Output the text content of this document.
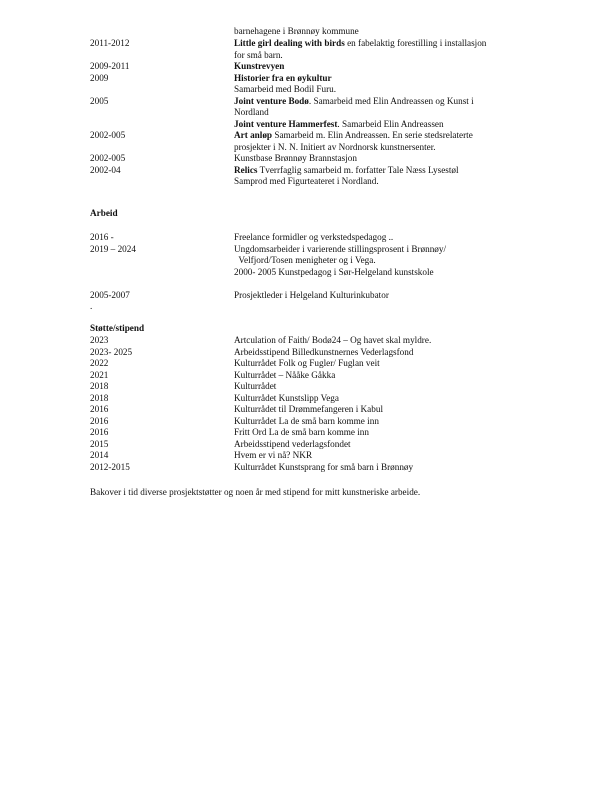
barnehagene i Brønnøy kommune
2011-2012	Little girl dealing with birds en fabelaktig forestilling i installasjon
for små barn.
2009-2011	Kunstrevyen
2009	Historier fra en øykultur
Samarbeid med Bodil Furu.
2005	Joint venture Bodø. Samarbeid med Elin Andreassen og Kunst i
Nordland
Joint venture Hammerfest. Samarbeid Elin Andreassen
2002-005	Art anløp Samarbeid m. Elin Andreassen. En serie stedsrelaterte
prosjekter i N. N. Initiert av Nordnorsk kunstnersenter.
2002-005	Kunstbase Brønnøy Brannstasjon
2002-04	Relics Tverrfaglig samarbeid m. forfatter Tale Næss Lysestøl
Samprod med Figurteateret i Nordland.
Arbeid
2016 -	Freelance formidler og verkstedspedagog ..
2019 – 2024	Ungdomsarbeider i varierende stillingsprosent i Brønnøy/
Velfjord/Tosen menigheter og i Vega.
2000- 2005 Kunstpedagog i Sør-Helgeland kunstskole
2005-2007	Prosjektleder i Helgeland Kulturinkubator
.
Støtte/stipend
2023	Artculation of Faith/ Bodø24 – Og havet skal myldre.
2023- 2025	Arbeidsstipend Billedkunstnernes Vederlagsfond
2022	Kulturrådet Folk og Fugler/ Fuglan veit
2021	Kulturrådet – Nååke Gåkka
2018	Kulturrådet
2018	Kulturrådet Kunstslipp Vega
2016	Kulturrådet til Drømmefangeren i Kabul
2016	Kulturrådet La de små barn komme inn
2016	Fritt Ord La de små barn komme inn
2015	Arbeidsstipend vederlagsfondet
2014	Hvem er vi nå? NKR
2012-2015	Kulturrådet Kunstsprang for små barn i Brønnøy
Bakover i tid diverse prosjektstøtter og noen år med stipend for mitt kunstneriske arbeide.
